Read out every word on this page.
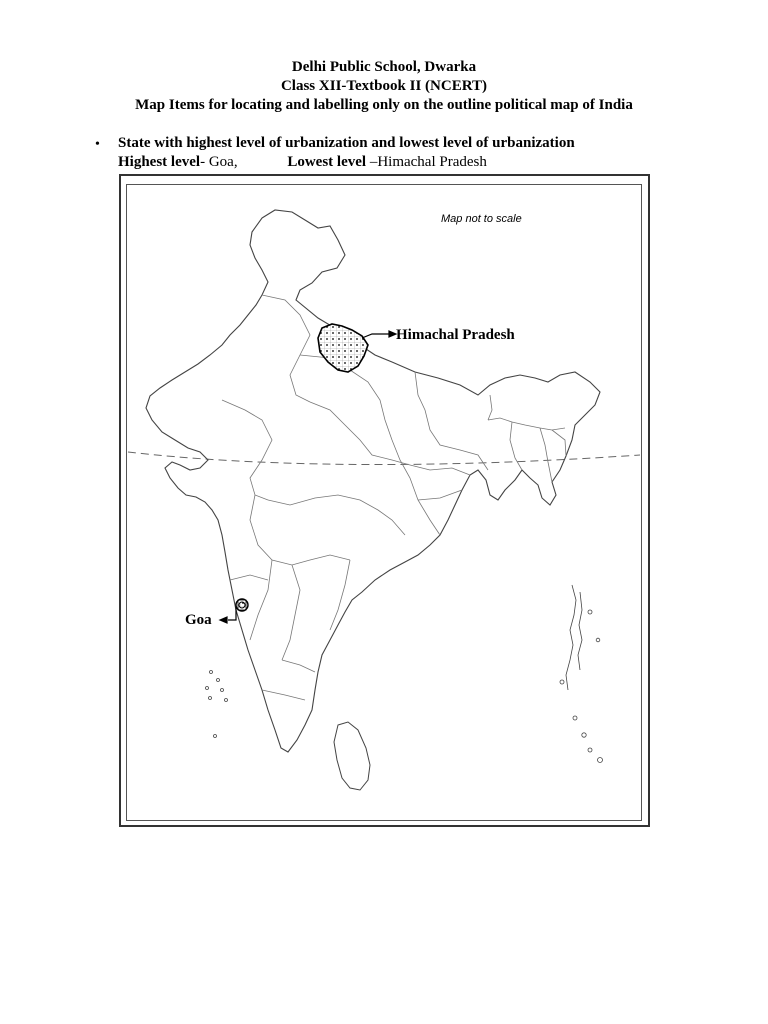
Delhi Public School, Dwarka
Class XII-Textbook II (NCERT)
Map Items for locating and labelling only on the outline political map of India
• State with highest level of urbanization and lowest level of urbanization
Highest level- Goa,	Lowest level –Himachal Pradesh
Map not to scale
Himachal Pradesh
Goa
